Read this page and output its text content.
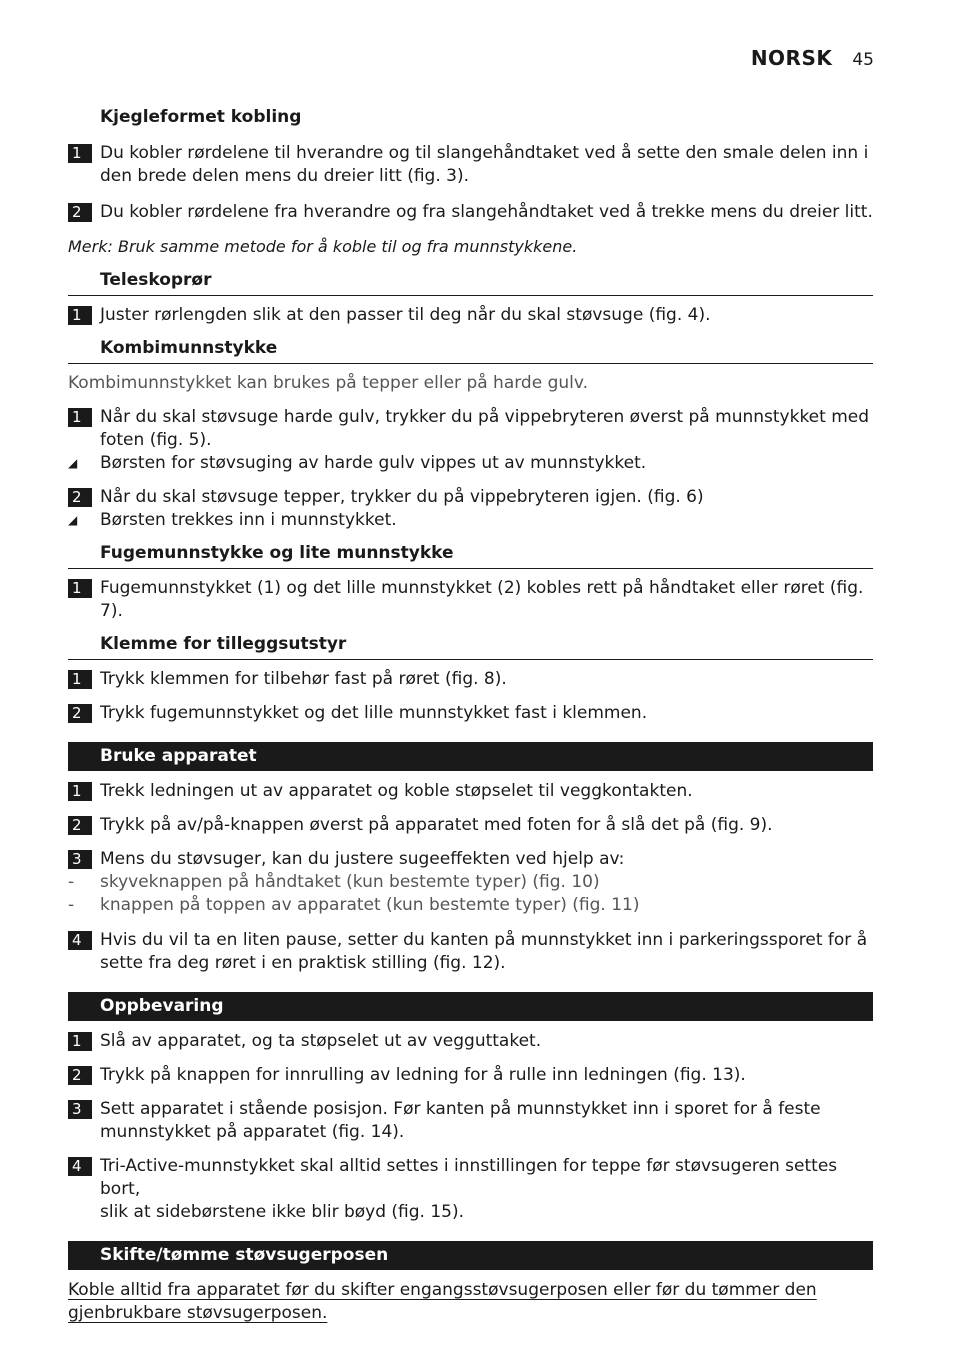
NORSK 45
Kjegleformet kobling
1	Du kobler rørdelene til hverandre og til slangehåndtaket ved å sette den smale delen inn i
den brede delen mens du dreier litt (fig. 3).
2	Du kobler rørdelene fra hverandre og fra slangehåndtaket ved å trekke mens du dreier litt.
Merk: Bruk samme metode for å koble til og fra munnstykkene.
Teleskoprør
1	Juster rørlengden slik at den passer til deg når du skal støvsuge (fig. 4).
Kombimunnstykke
Kombimunnstykket kan brukes på tepper eller på harde gulv.
1	Når du skal støvsuge harde gulv, trykker du på vippebryteren øverst på munnstykket med
foten (fig. 5).
◢	Børsten for støvsuging av harde gulv vippes ut av munnstykket.
2	Når du skal støvsuge tepper, trykker du på vippebryteren igjen. (fig. 6)
◢	Børsten trekkes inn i munnstykket.
Fugemunnstykke og lite munnstykke
1	Fugemunnstykket (1) og det lille munnstykket (2) kobles rett på håndtaket eller røret (fig. 7).
Klemme for tilleggsutstyr
1	Trykk klemmen for tilbehør fast på røret (fig. 8).
2	Trykk fugemunnstykket og det lille munnstykket fast i klemmen.
Bruke apparatet
1	Trekk ledningen ut av apparatet og koble støpselet til veggkontakten.
2	Trykk på av/på-knappen øverst på apparatet med foten for å slå det på (fig. 9).
3	Mens du støvsuger, kan du justere sugeeffekten ved hjelp av:
-	skyveknappen på håndtaket (kun bestemte typer) (fig. 10)
-	knappen på toppen av apparatet (kun bestemte typer) (fig. 11)
4	Hvis du vil ta en liten pause, setter du kanten på munnstykket inn i parkeringssporet for å
sette fra deg røret i en praktisk stilling (fig. 12).
Oppbevaring
1	Slå av apparatet, og ta støpselet ut av vegguttaket.
2	Trykk på knappen for innrulling av ledning for å rulle inn ledningen (fig. 13).
3	Sett apparatet i stående posisjon. Før kanten på munnstykket inn i sporet for å feste
munnstykket på apparatet (fig. 14).
4	Tri-Active-munnstykket skal alltid settes i innstillingen for teppe før støvsugeren settes bort,
slik at sidebørstene ikke blir bøyd (fig. 15).
Skifte/tømme støvsugerposen
Koble alltid fra apparatet før du skifter engangsstøvsugerposen eller før du tømmer den
gjenbrukbare støvsugerposen.
